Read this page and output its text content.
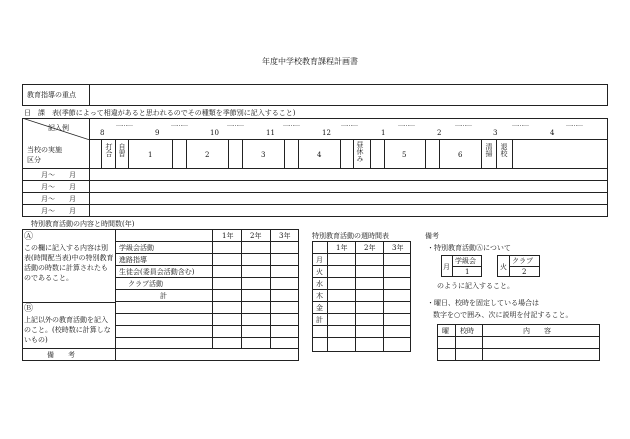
年度中学校教育課程計画書
教育指導の重点
日　課　表(季節によって相違があると思われるのでその種類を季節別に記入すること)
記入例
当校の実施区分
8	9	10	11	12	1	2	3	4
………	………	………	………	………	………	………	………	………
打合 自習	1	2	3	4	昼休み	5	6	清掃 退校
月～　　月
月～　　月
月～　　月
月～　　月
特別教育活動の内容と時間数(年)
1年 2年	3年
Ⓐ
この欄に記入する内容は別表(時間配当表)中の特別教育活動の時数に計算されたものであること。
Ⓑ
上記以外の教育活動を記入のこと。(校時数に計算しないもの)
学級会活動
進路指導
生徒会(委員会活動含む)
クラブ活動
計
備　　考
特別教育活動の週時間表
1年 2年 3年
月
火
水
木
金
計
備考
・特別教育活動Ⓐについて
月
学級会
1
火
クラブ
2
のように記入すること。
・曜日、校時を固定している場合は
数字を○で囲み、次に説明を付記すること。
曜 校時	内　　容
